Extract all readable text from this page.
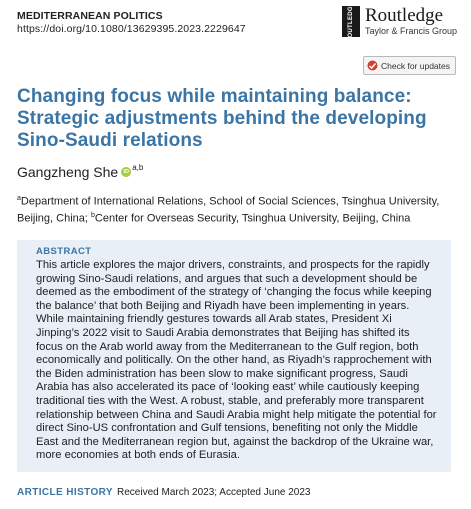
MEDITERRANEAN POLITICS
https://doi.org/10.1080/13629395.2023.2229647	ROUTLEDGE Routledge
Taylor & Francis Group
Check for updates
Changing focus while maintaining balance: Strategic adjustments behind the developing Sino-Saudi relations
Gangzheng She iD $^{a,b}$
$^a$Department of International Relations, School of Social Sciences, Tsinghua University, Beijing, China; $^b$Center for Overseas Security, Tsinghua University, Beijing, China
ABSTRACT
This article explores the major drivers, constraints, and prospects for the rapidly growing Sino-Saudi relations, and argues that such a development should be deemed as the embodiment of the strategy of ‘changing the focus while keeping the balance’ that both Beijing and Riyadh have been implementing in years. While maintaining friendly gestures towards all Arab states, President Xi Jinping’s 2022 visit to Saudi Arabia demonstrates that Beijing has shifted its focus on the Arab world away from the Mediterranean to the Gulf region, both economically and politically. On the other hand, as Riyadh’s rapprochement with the Biden administration has been slow to make significant progress, Saudi Arabia has also accelerated its pace of ‘looking east’ while cautiously keeping traditional ties with the West. A robust, stable, and preferably more transparent relationship between China and Saudi Arabia might help mitigate the potential for direct Sino-US confrontation and Gulf tensions, benefiting not only the Middle East and the Mediterranean region but, against the backdrop of the Ukraine war, more economies at both ends of Eurasia.
ARTICLE HISTORY Received March 2023; Accepted June 2023
